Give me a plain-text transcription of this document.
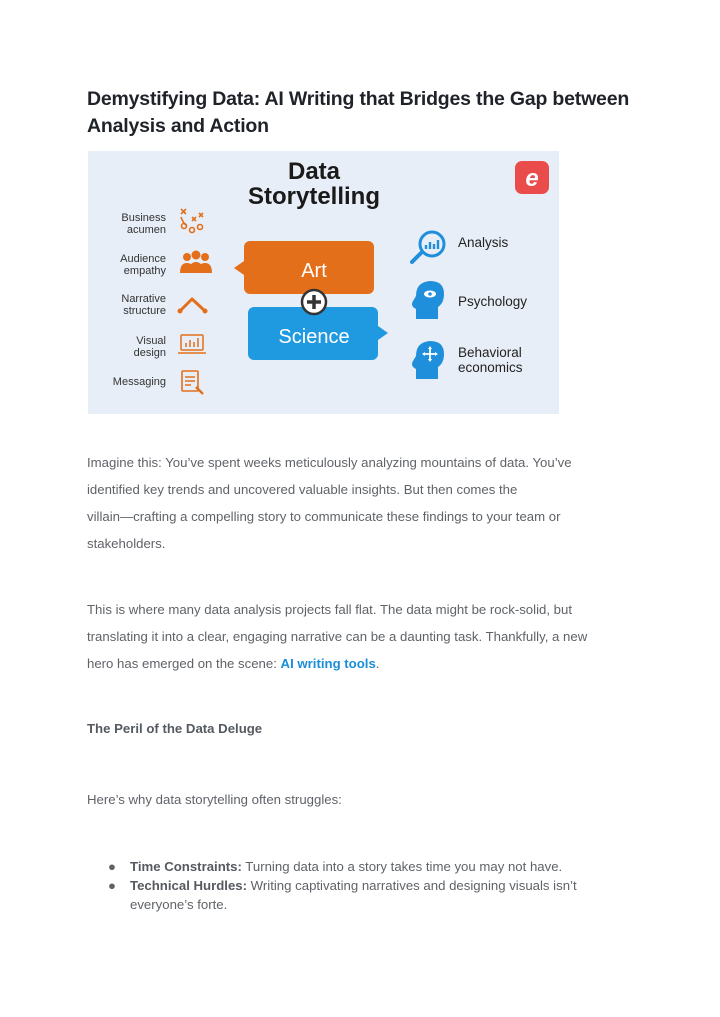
Demystifying Data: AI Writing that Bridges the Gap between Analysis and Action
Data
Storytelling
e
Business acumen
Audience empathy
Narrative structure
Visual design
Messaging
Art
Science
Analysis
Psychology
Behavioral economics

Imagine this: You’ve spent weeks meticulously analyzing mountains of data. You’ve
identified key trends and uncovered valuable insights. But then comes the
villain—crafting a compelling story to communicate these findings to your team or
stakeholders.

This is where many data analysis projects fall flat. The data might be rock-solid, but
translating it into a clear, engaging narrative can be a daunting task. Thankfully, a new
hero has emerged on the scene: AI writing tools.

The Peril of the Data Deluge

Here’s why data storytelling often struggles:

● Time Constraints: Turning data into a story takes time you may not have.
● Technical Hurdles: Writing captivating narratives and designing visuals isn’t
everyone’s forte.
